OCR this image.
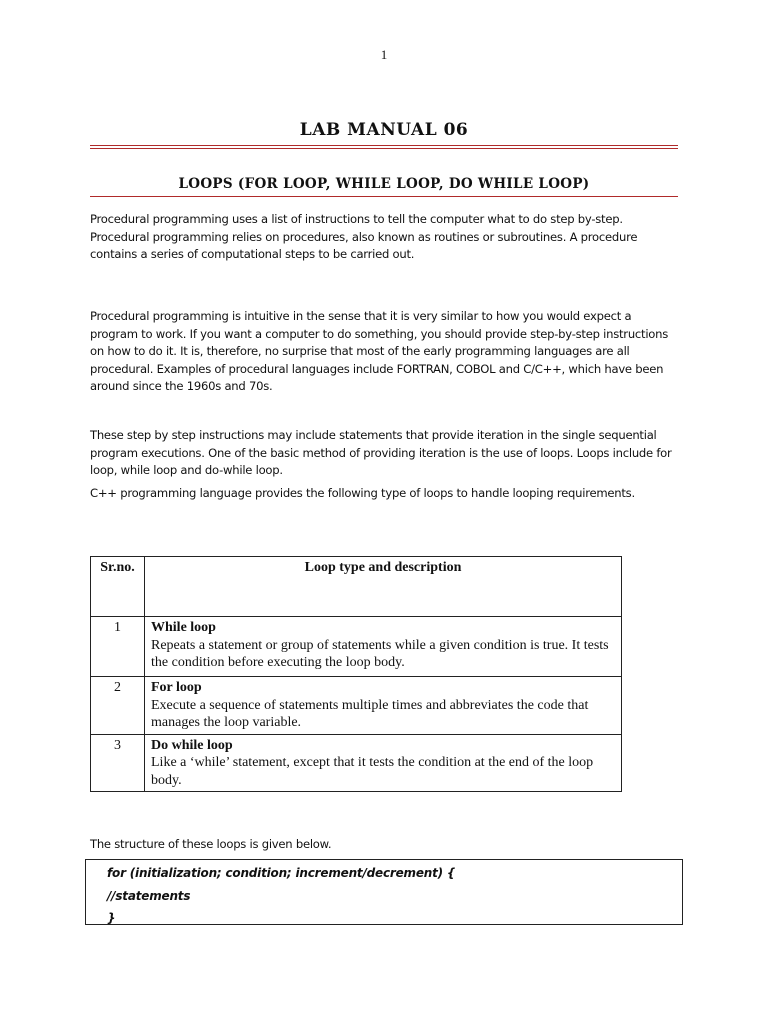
1
LAB MANUAL 06
LOOPS (FOR LOOP, WHILE LOOP, DO WHILE LOOP)

Procedural programming uses a list of instructions to tell the computer what to do step by-step. Procedural programming relies on procedures, also known as routines or subroutines. A procedure contains a series of computational steps to be carried out.

Procedural programming is intuitive in the sense that it is very similar to how you would expect a program to work. If you want a computer to do something, you should provide step-by-step instructions on how to do it. It is, therefore, no surprise that most of the early programming languages are all procedural. Examples of procedural languages include FORTRAN, COBOL and C/C++, which have been around since the 1960s and 70s.

These step by step instructions may include statements that provide iteration in the single sequential program executions. One of the basic method of providing iteration is the use of loops. Loops include for loop, while loop and do-while loop.

C++ programming language provides the following type of loops to handle looping requirements.

Sr.no.	Loop type and description
1	While loop
Repeats a statement or group of statements while a given condition is true. It tests the condition before executing the loop body.

2	For loop
Execute a sequence of statements multiple times and abbreviates the code that manages the loop variable.

3	Do while loop
Like a ‘while’ statement, except that it tests the condition at the end of the loop body.
The structure of these loops is given below.
for (initialization; condition; increment/decrement) {
//statements
}
